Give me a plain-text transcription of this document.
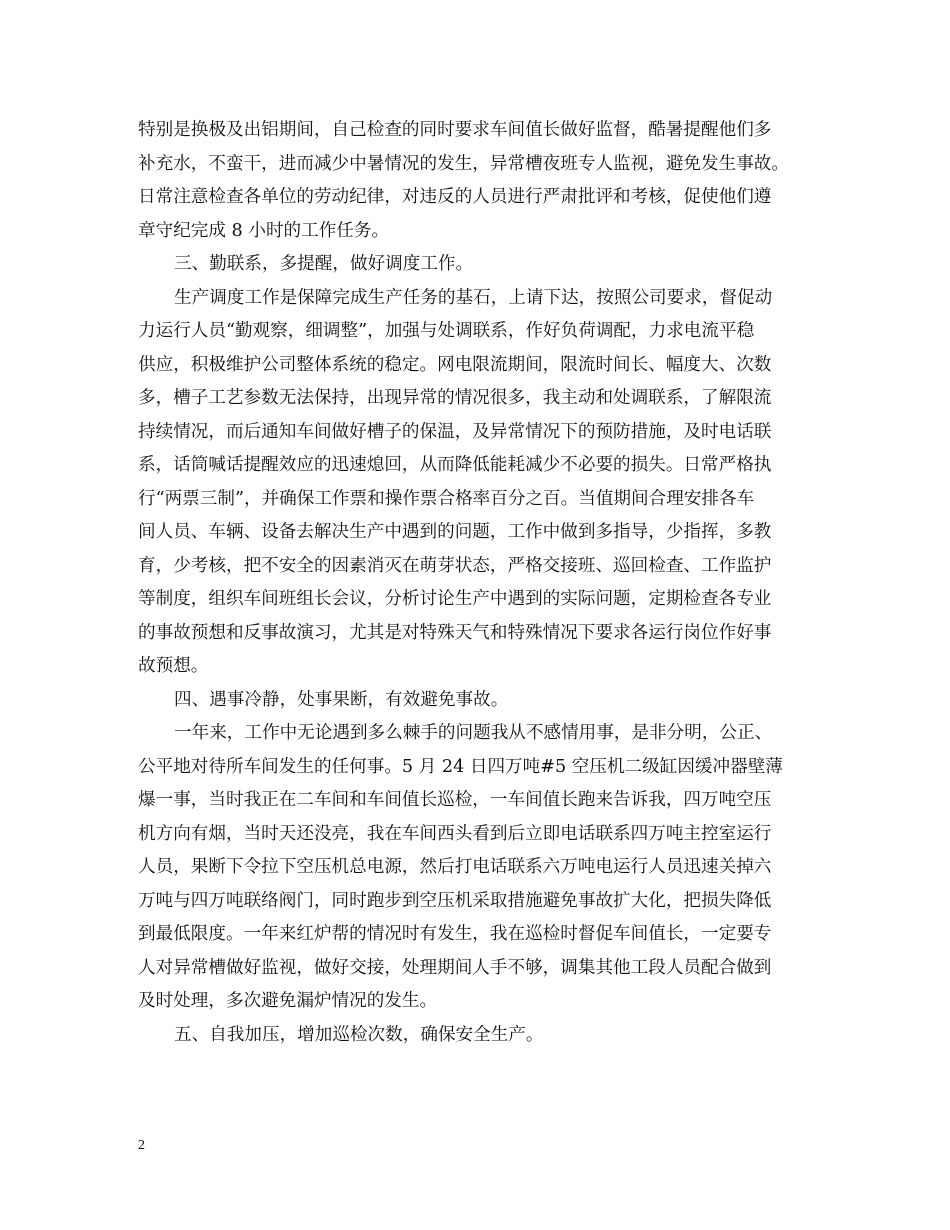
特别是换极及出铝期间，自己检查的同时要求车间值长做好监督，酷暑提醒他们多
补充水，不蛮干，进而减少中暑情况的发生，异常槽夜班专人监视，避免发生事故。
日常注意检查各单位的劳动纪律，对违反的人员进行严肃批评和考核，促使他们遵
章守纪完成 8 小时的工作任务。
三、勤联系，多提醒，做好调度工作。
生产调度工作是保障完成生产任务的基石，上请下达，按照公司要求，督促动
力运行人员“勤观察，细调整”，加强与处调联系，作好负荷调配，力求电流平稳
供应，积极维护公司整体系统的稳定。网电限流期间，限流时间长、幅度大、次数
多，槽子工艺参数无法保持，出现异常的情况很多，我主动和处调联系，了解限流
持续情况，而后通知车间做好槽子的保温，及异常情况下的预防措施，及时电话联
系，话筒喊话提醒效应的迅速熄回，从而降低能耗减少不必要的损失。日常严格执
行“两票三制”，并确保工作票和操作票合格率百分之百。当值期间合理安排各车
间人员、车辆、设备去解决生产中遇到的问题，工作中做到多指导，少指挥，多教
育，少考核，把不安全的因素消灭在萌芽状态，严格交接班、巡回检查、工作监护
等制度，组织车间班组长会议，分析讨论生产中遇到的实际问题，定期检查各专业
的事故预想和反事故演习，尤其是对特殊天气和特殊情况下要求各运行岗位作好事
故预想。
四、遇事冷静，处事果断，有效避免事故。
一年来，工作中无论遇到多么棘手的问题我从不感情用事，是非分明，公正、
公平地对待所车间发生的任何事。5 月 24 日四万吨#5 空压机二级缸因缓冲器壁薄
爆一事，当时我正在二车间和车间值长巡检，一车间值长跑来告诉我，四万吨空压
机方向有烟，当时天还没亮，我在车间西头看到后立即电话联系四万吨主控室运行
人员，果断下令拉下空压机总电源，然后打电话联系六万吨电运行人员迅速关掉六
万吨与四万吨联络阀门，同时跑步到空压机采取措施避免事故扩大化，把损失降低
到最低限度。一年来红炉帮的情况时有发生，我在巡检时督促车间值长，一定要专
人对异常槽做好监视，做好交接，处理期间人手不够，调集其他工段人员配合做到
及时处理，多次避免漏炉情况的发生。
五、自我加压，增加巡检次数，确保安全生产。
2
